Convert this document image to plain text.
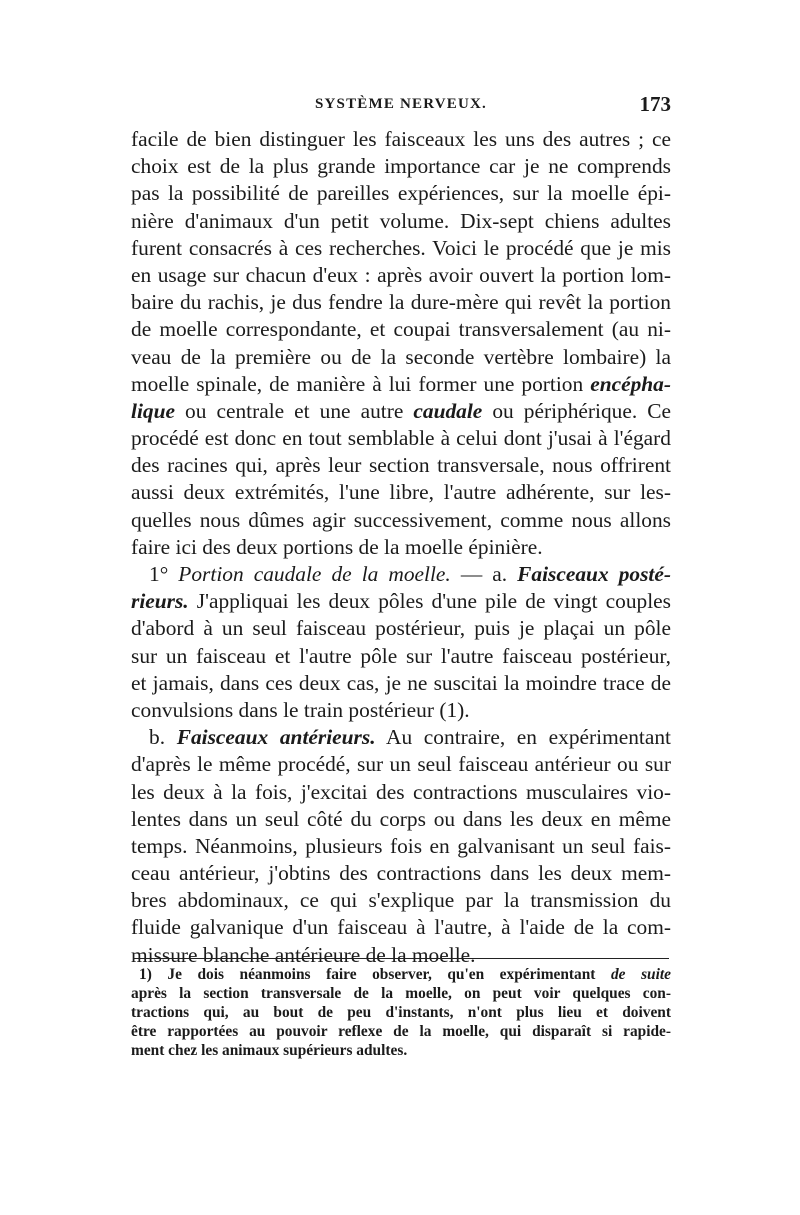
SYSTÈME NERVEUX.	173
facile de bien distinguer les faisceaux les uns des autres ; ce
choix est de la plus grande importance car je ne comprends
pas la possibilité de pareilles expériences, sur la moelle épi-
nière d'animaux d'un petit volume. Dix-sept chiens adultes
furent consacrés à ces recherches. Voici le procédé que je mis
en usage sur chacun d'eux : après avoir ouvert la portion lom-
baire du rachis, je dus fendre la dure-mère qui revêt la portion
de moelle correspondante, et coupai transversalement (au ni-
veau de la première ou de la seconde vertèbre lombaire) la
moelle spinale, de manière à lui former une portion encépha-
lique ou centrale et une autre caudale ou périphérique. Ce
procédé est donc en tout semblable à celui dont j'usai à l'égard
des racines qui, après leur section transversale, nous offrirent
aussi deux extrémités, l'une libre, l'autre adhérente, sur les-
quelles nous dûmes agir successivement, comme nous allons
faire ici des deux portions de la moelle épinière.
1° Portion caudale de la moelle. — a. Faisceaux posté-
rieurs. J'appliquai les deux pôles d'une pile de vingt couples
d'abord à un seul faisceau postérieur, puis je plaçai un pôle
sur un faisceau et l'autre pôle sur l'autre faisceau postérieur,
et jamais, dans ces deux cas, je ne suscitai la moindre trace de
convulsions dans le train postérieur (1).
b. Faisceaux antérieurs. Au contraire, en expérimentant
d'après le même procédé, sur un seul faisceau antérieur ou sur
les deux à la fois, j'excitai des contractions musculaires vio-
lentes dans un seul côté du corps ou dans les deux en même
temps. Néanmoins, plusieurs fois en galvanisant un seul fais-
ceau antérieur, j'obtins des contractions dans les deux mem-
bres abdominaux, ce qui s'explique par la transmission du
fluide galvanique d'un faisceau à l'autre, à l'aide de la com-
missure blanche antérieure de la moelle.
1) Je dois néanmoins faire observer, qu'en expérimentant de suite
après la section transversale de la moelle, on peut voir quelques con-
tractions qui, au bout de peu d'instants, n'ont plus lieu et doivent
être rapportées au pouvoir reflexe de la moelle, qui disparaît si rapide-
ment chez les animaux supérieurs adultes.
